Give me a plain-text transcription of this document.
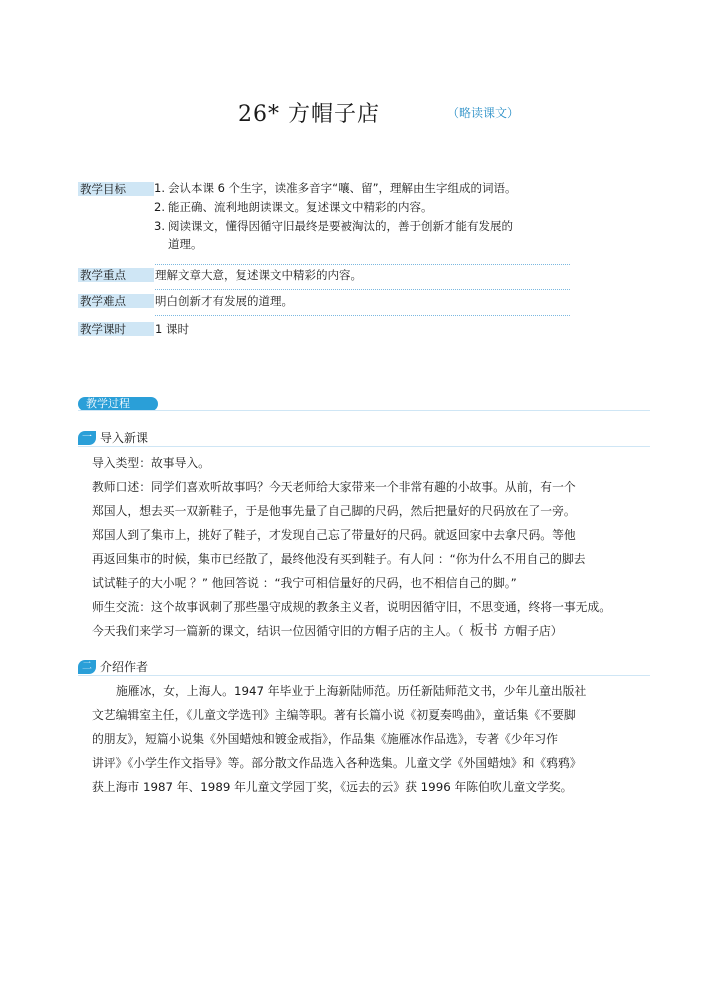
26* 方帽子店	（略读课文）
教学目标	1. 会认本课 6 个生字，读准多音字“嚷、留”，理解由生字组成的词语。
2. 能正确、流利地朗读课文。复述课文中精彩的内容。
3. 阅读课文，懂得因循守旧最终是要被淘汰的，善于创新才能有发展的
道理。
教学重点	理解文章大意，复述课文中精彩的内容。
教学难点	明白创新才有发展的道理。
教学课时	1 课时
教学过程
一 导入新课
导入类型：故事导入。
教师口述：同学们喜欢听故事吗？今天老师给大家带来一个非常有趣的小故事。从前，有一个
郑国人，想去买一双新鞋子，于是他事先量了自己脚的尺码，然后把量好的尺码放在了一旁。
郑国人到了集市上，挑好了鞋子，才发现自己忘了带量好的尺码。就返回家中去拿尺码。等他
再返回集市的时候，集市已经散了，最终他没有买到鞋子。有人问 ：“你为什么不用自己的脚去
试试鞋子的大小呢 ？” 他回答说 ：“我宁可相信量好的尺码，也不相信自己的脚。”
师生交流：这个故事讽刺了那些墨守成规的教条主义者，说明因循守旧，不思变通，终将一事无成。
今天我们来学习一篇新的课文，结识一位因循守旧的方帽子店的主人。（ 板书 方帽子店）
二 介绍作者
施雁冰，女，上海人。1947 年毕业于上海新陆师范。历任新陆师范文书，少年儿童出版社
文艺编辑室主任，《儿童文学选刊》主编等职。著有长篇小说《初夏奏鸣曲》，童话集《不要脚
的朋友》，短篇小说集《外国蜡烛和镀金戒指》，作品集《施雁冰作品选》，专著《少年习作
讲评》《小学生作文指导》等。部分散文作品选入各种选集。儿童文学《外国蜡烛》和《鸦鸦》
获上海市 1987 年、1989 年儿童文学园丁奖，《远去的云》获 1996 年陈伯吹儿童文学奖。
